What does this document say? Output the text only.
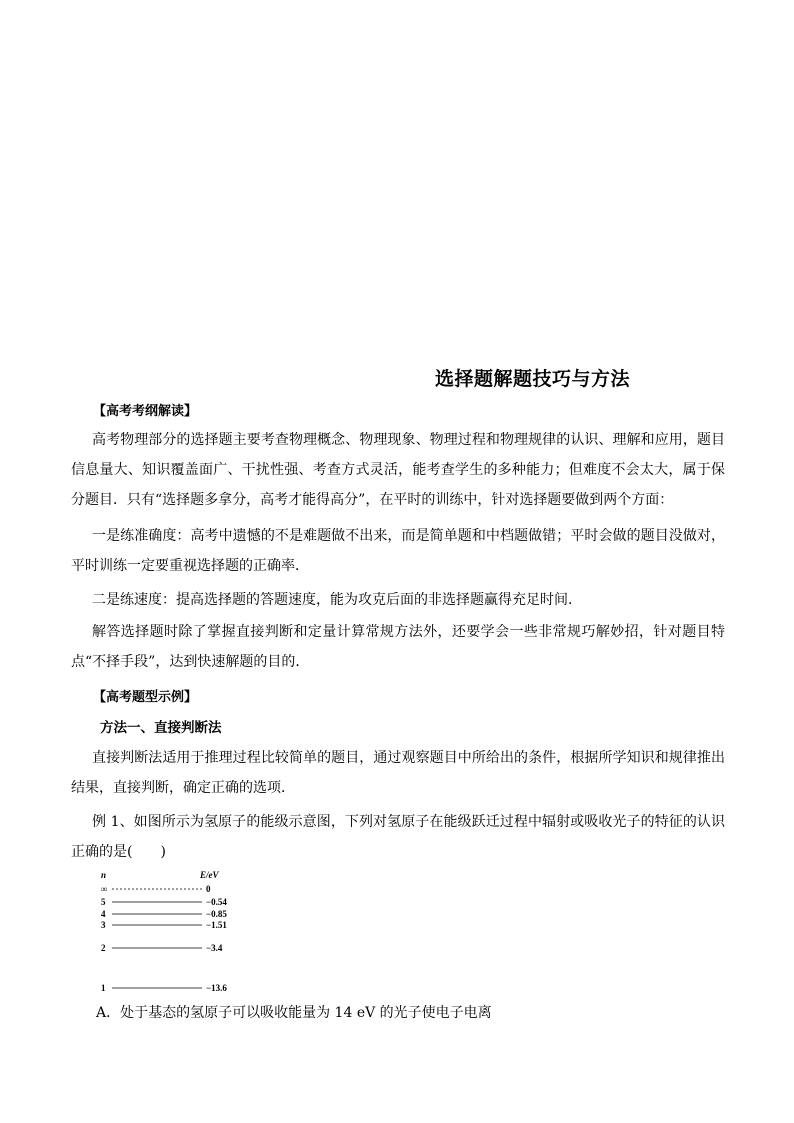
选择题解题技巧与方法
【高考考纲解读】
高考物理部分的选择题主要考查物理概念、物理现象、物理过程和物理规律的认识、理解和应用，题目信息量大、知识覆盖面广、干扰性强、考查方式灵活，能考查学生的多种能力；但难度不会太大，属于保分题目．只有“选择题多拿分，高考才能得高分”，在平时的训练中，针对选择题要做到两个方面：
一是练准确度：高考中遗憾的不是难题做不出来，而是简单题和中档题做错；平时会做的题目没做对，平时训练一定要重视选择题的正确率．
二是练速度：提高选择题的答题速度，能为攻克后面的非选择题赢得充足时间．
解答选择题时除了掌握直接判断和定量计算常规方法外，还要学会一些非常规巧解妙招，针对题目特点“不择手段”，达到快速解题的目的．
【高考题型示例】
方法一、直接判断法
直接判断法适用于推理过程比较简单的题目，通过观察题目中所给出的条件，根据所学知识和规律推出结果，直接判断，确定正确的选项．
例 1、如图所示为氢原子的能级示意图，下列对氢原子在能级跃迁过程中辐射或吸收光子的特征的认识正确的是(　　)
n	E/eV
∞	0
5	−0.54
4	−0.85
3	−1.51
2	−3.4
1	−13.6
A．处于基态的氢原子可以吸收能量为 14 eV 的光子使电子电离
